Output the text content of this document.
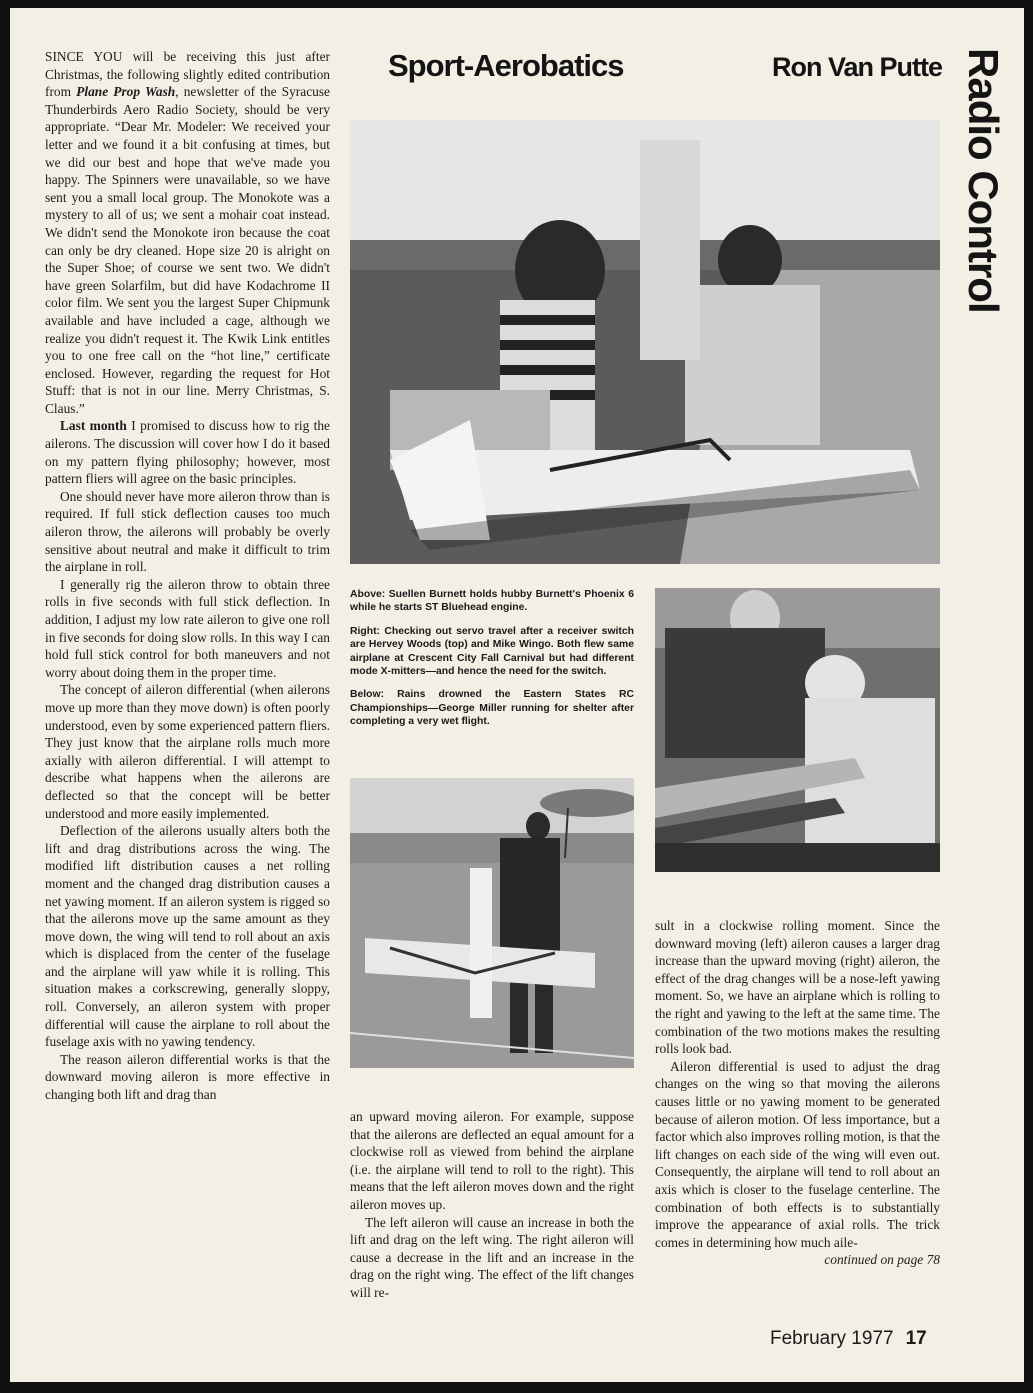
Sport-Aerobatics	Ron Van Putte Radio Control

SINCE YOU will be receiving this just after Christmas, the following slightly edited contribution from Plane Prop Wash, newsletter of the Syracuse Thunderbirds Aero Radio Society, should be very appropriate. “Dear Mr. Modeler: We received your letter and we found it a bit confusing at times, but we did our best and hope that we've made you happy. The Spinners were unavailable, so we have sent you a small local group. The Monokote was a mystery to all of us; we sent a mohair coat instead. We didn't send the Monokote iron because the coat can only be dry cleaned. Hope size 20 is alright on the Super Shoe; of course we sent two. We didn't have green Solarfilm, but did have Kodachrome II color film. We sent you the largest Super Chipmunk available and have included a cage, although we realize you didn't request it. The Kwik Link entitles you to one free call on the “hot line,” certificate enclosed. However, regarding the request for Hot Stuff: that is not in our line. Merry Christmas, S. Claus.”

Last month I promised to discuss how to rig the ailerons. The discussion will cover how I do it based on my pattern flying philosophy; however, most pattern fliers will agree on the basic principles.

One should never have more aileron throw than is required. If full stick deflection causes too much aileron throw, the ailerons will probably be overly sensitive about neutral and make it difficult to trim the airplane in roll.

I generally rig the aileron throw to obtain three rolls in five seconds with full stick deflection. In addition, I adjust my low rate aileron to give one roll in five seconds for doing slow rolls. In this way I can hold full stick control for both maneuvers and not worry about doing them in the proper time.

The concept of aileron differential (when ailerons move up more than they move down) is often poorly understood, even by some experienced pattern fliers. They just know that the airplane rolls much more axially with aileron differential. I will attempt to describe what happens when the ailerons are deflected so that the concept will be better understood and more easily implemented.

Deflection of the ailerons usually alters both the lift and drag distributions across the wing. The modified lift distribution causes a net rolling moment and the changed drag distribution causes a net yawing moment. If an aileron system is rigged so that the ailerons move up the same amount as they move down, the wing will tend to roll about an axis which is displaced from the center of the fuselage and the airplane will yaw while it is rolling. This situation makes a corkscrewing, generally sloppy, roll. Conversely, an aileron system with proper differential will cause the airplane to roll about the fuselage axis with no yawing tendency.

The reason aileron differential works is that the downward moving aileron is more effective in changing both lift and drag than

Above: Suellen Burnett holds hubby Burnett's Phoenix 6 while he starts ST Bluehead engine.

Right: Checking out servo travel after a receiver switch are Hervey Woods (top) and Mike Wingo. Both flew same airplane at Crescent City Fall Carnival but had different mode X-mitters—and hence the need for the switch.

Below: Rains drowned the Eastern States RC Championships—George Miller running for shelter after completing a very wet flight.

an upward moving aileron. For example, suppose that the ailerons are deflected an equal amount for a clockwise roll as viewed from behind the airplane (i.e. the airplane will tend to roll to the right). This means that the left aileron moves down and the right aileron moves up.

The left aileron will cause an increase in both the lift and drag on the left wing. The right aileron will cause a decrease in the lift and an increase in the drag on the right wing. The effect of the lift changes will re-

sult in a clockwise rolling moment. Since the downward moving (left) aileron causes a larger drag increase than the upward moving (right) aileron, the effect of the drag changes will be a nose-left yawing moment. So, we have an airplane which is rolling to the right and yawing to the left at the same time. The combination of the two motions makes the resulting rolls look bad.

Aileron differential is used to adjust the drag changes on the wing so that moving the ailerons causes little or no yawing moment to be generated because of aileron motion. Of less importance, but a factor which also improves rolling motion, is that the lift changes on each side of the wing will even out. Consequently, the airplane will tend to roll about an axis which is closer to the fuselage centerline. The combination of both effects is to substantially improve the appearance of axial rolls. The trick comes in determining how much aile-

continued on page 78

February 1977 17
